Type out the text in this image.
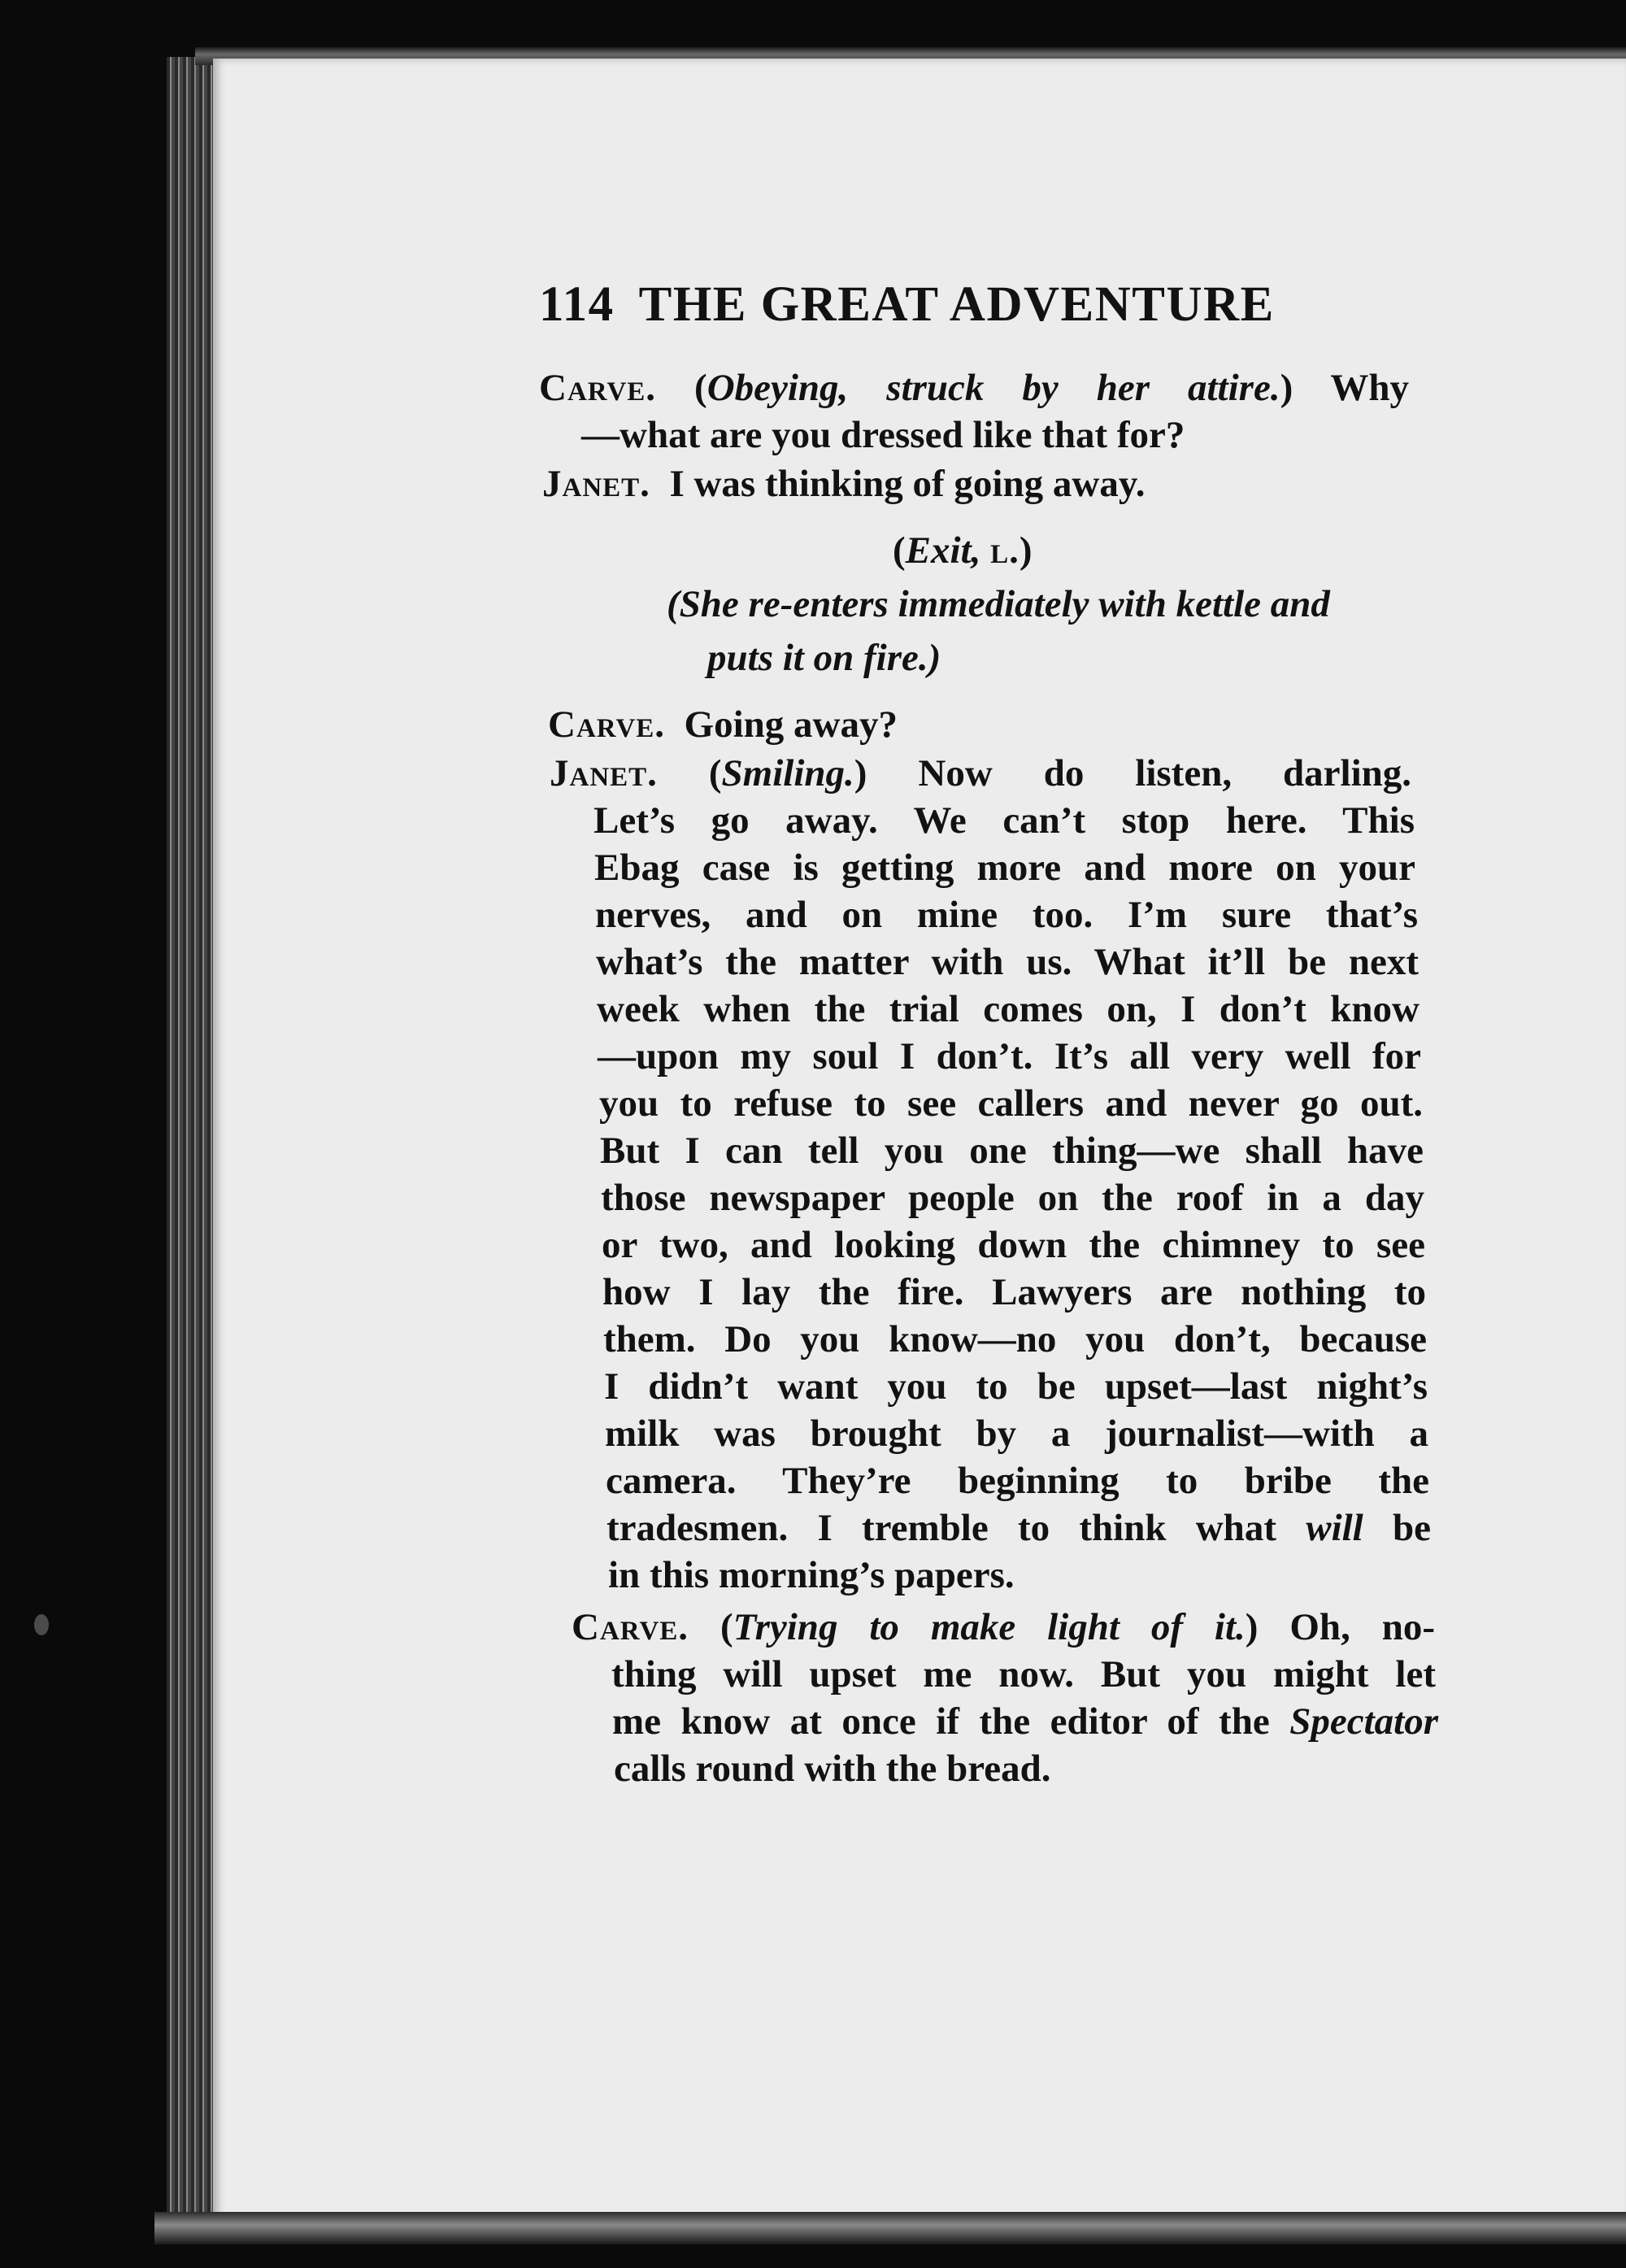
114 THE GREAT ADVENTURE
Carve. (Obeying, struck by her attire.) Why
—what are you dressed like that for?
Janet. I was thinking of going away.
(Exit, l.)
(She re-enters immediately with kettle and
puts it on fire.)
Carve. Going away?
Janet. (Smiling.) Now do listen, darling.
Let’s go away. We can’t stop here. This
Ebag case is getting more and more on your
nerves, and on mine too. I’m sure that’s
what’s the matter with us. What it’ll be next
week when the trial comes on, I don’t know
—upon my soul I don’t. It’s all very well for
you to refuse to see callers and never go out.
But I can tell you one thing—we shall have
those newspaper people on the roof in a day
or two, and looking down the chimney to see
how I lay the fire. Lawyers are nothing to
them. Do you know—no you don’t, because
I didn’t want you to be upset—last night’s
milk was brought by a journalist—with a
camera. They’re beginning to bribe the
tradesmen. I tremble to think what will be
in this morning’s papers.
Carve. (Trying to make light of it.) Oh, no-
thing will upset me now. But you might let
me know at once if the editor of the Spectator
calls round with the bread.
